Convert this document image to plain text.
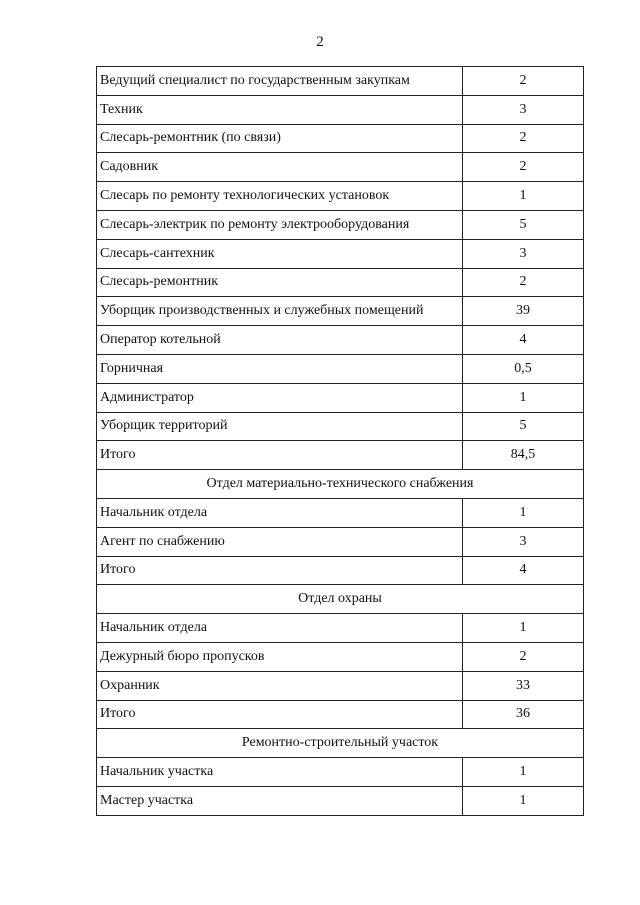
2
Ведущий специалист по государственным закупкам	2
Техник	3
Слесарь-ремонтник (по связи)	2
Садовник	2
Слесарь по ремонту технологических установок	1
Слесарь-электрик по ремонту электрооборудования	5
Слесарь-сантехник	3
Слесарь-ремонтник	2
Уборщик производственных и служебных помещений	39
Оператор котельной	4
Горничная	0,5
Администратор	1
Уборщик территорий	5
Итого	84,5
Отдел материально-технического снабжения	
Начальник отдела	1
Агент по снабжению	3
Итого	4
Отдел охраны	
Начальник отдела	1
Дежурный бюро пропусков	2
Охранник	33
Итого	36
Ремонтно-строительный участок	
Начальник участка	1
Мастер участка	1
